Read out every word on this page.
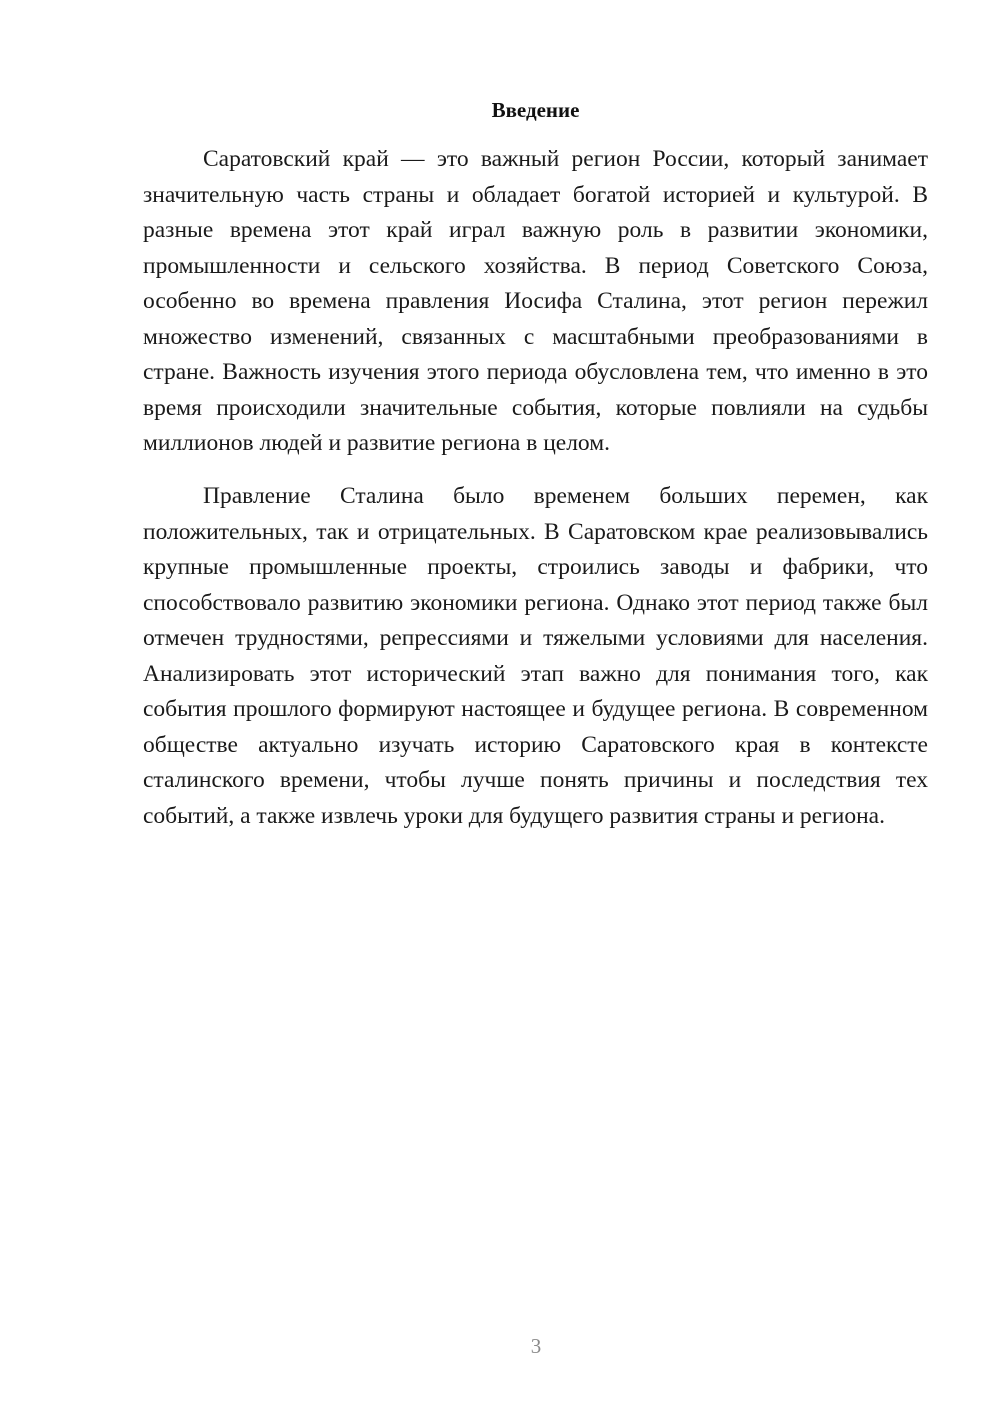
Введение

Саратовский край — это важный регион России, который занимает значительную часть страны и обладает богатой историей и культурой. В разные времена этот край играл важную роль в развитии экономики, промышленности и сельского хозяйства. В период Советского Союза, особенно во времена правления Иосифа Сталина, этот регион пережил множество изменений, связанных с масштабными преобразованиями в стране. Важность изучения этого периода обусловлена тем, что именно в это время происходили значительные события, которые повлияли на судьбы миллионов людей и развитие региона в целом.

Правление Сталина было временем больших перемен, как положительных, так и отрицательных. В Саратовском крае реализовывались крупные промышленные проекты, строились заводы и фабрики, что способствовало развитию экономики региона. Однако этот период также был отмечен трудностями, репрессиями и тяжелыми условиями для населения. Анализировать этот исторический этап важно для понимания того, как события прошлого формируют настоящее и будущее региона. В современном обществе актуально изучать историю Саратовского края в контексте сталинского времени, чтобы лучше понять причины и последствия тех событий, а также извлечь уроки для будущего развития страны и региона.

3
